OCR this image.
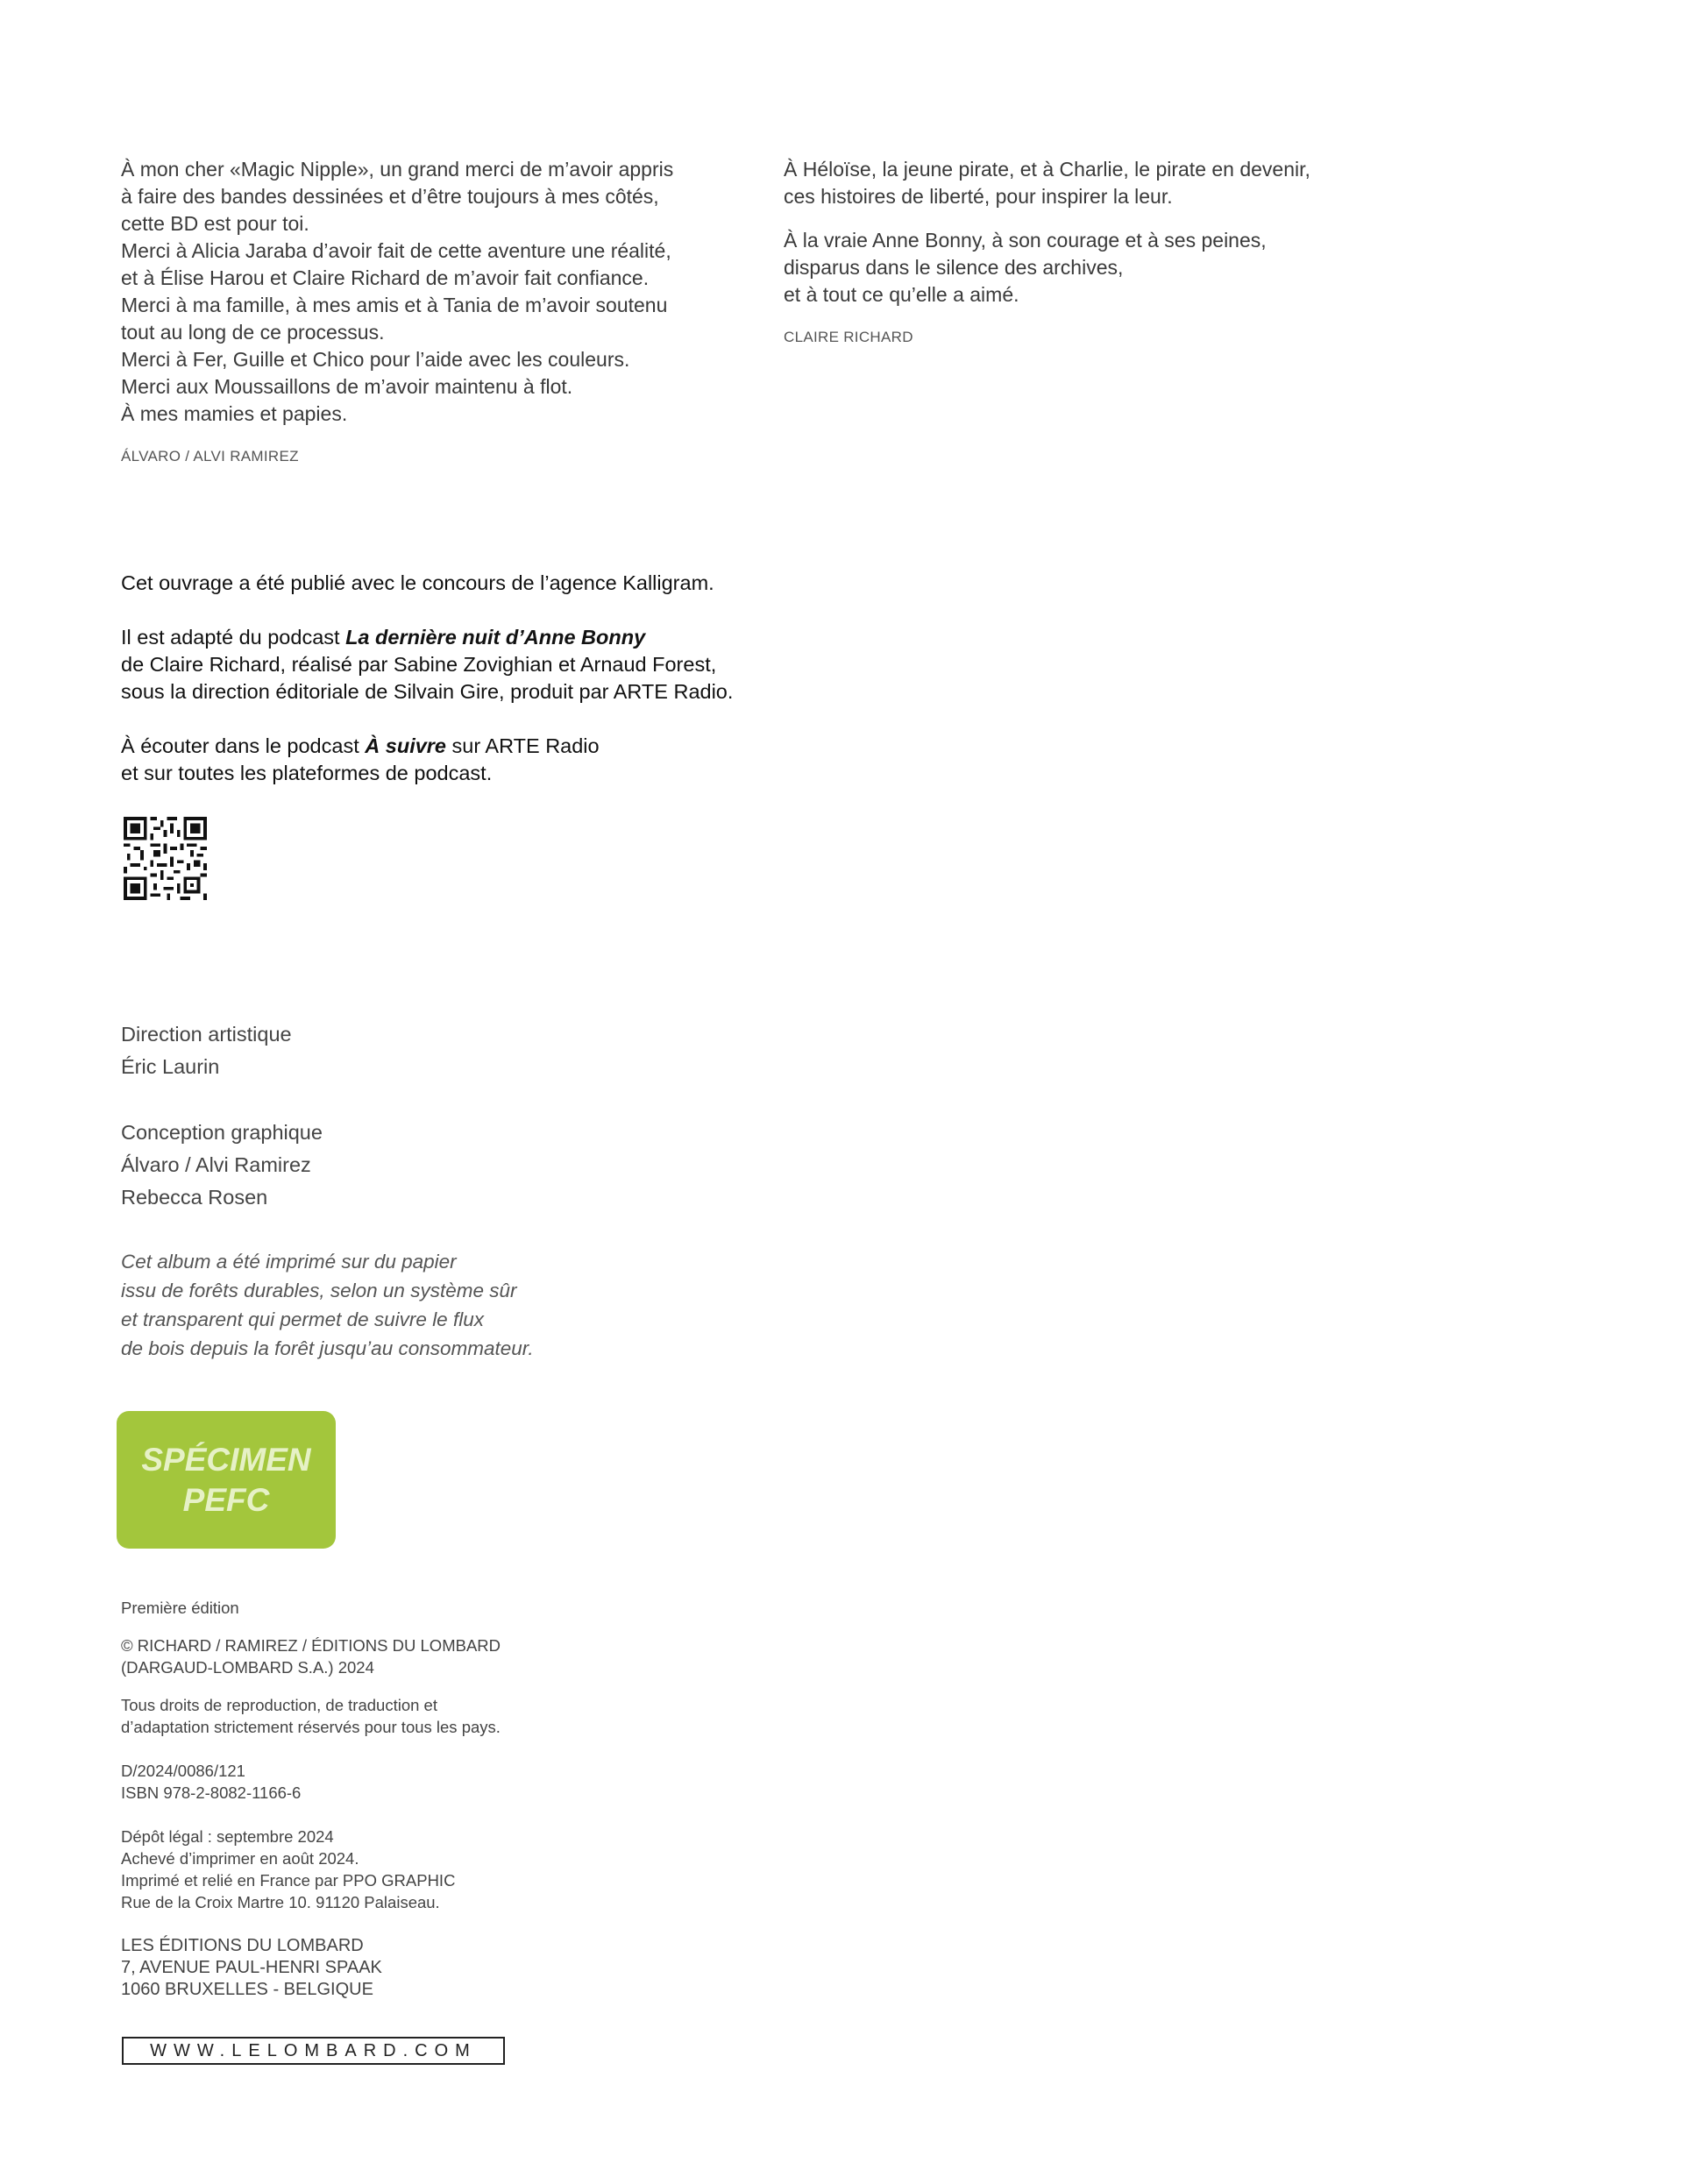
À mon cher «Magic Nipple», un grand merci de m’avoir appris

à faire des bandes dessinées et d’être toujours à mes côtés,

cette BD est pour toi.

Merci à Alicia Jaraba d’avoir fait de cette aventure une réalité,

et à Élise Harou et Claire Richard de m’avoir fait confiance.

Merci à ma famille, à mes amis et à Tania de m’avoir soutenu

tout au long de ce processus.

Merci à Fer, Guille et Chico pour l’aide avec les couleurs.

Merci aux Moussaillons de m’avoir maintenu à flot.

À mes mamies et papies.

ÁLVARO / ALVI RAMIREZ

À Héloïse, la jeune pirate, et à Charlie, le pirate en devenir,

ces histoires de liberté, pour inspirer la leur.

À la vraie Anne Bonny, à son courage et à ses peines,

disparus dans le silence des archives,

et à tout ce qu’elle a aimé.

CLAIRE RICHARD

Cet ouvrage a été publié avec le concours de l’agence Kalligram.

Il est adapté du podcast La dernière nuit d’Anne Bonny
de Claire Richard, réalisé par Sabine Zovighian et Arnaud Forest,
sous la direction éditoriale de Silvain Gire, produit par ARTE Radio.

À écouter dans le podcast À suivre sur ARTE Radio
et sur toutes les plateformes de podcast.

Direction artistique

Éric Laurin

Conception graphique

Álvaro / Alvi Ramirez

Rebecca Rosen

Cet album a été imprimé sur du papier

issu de forêts durables, selon un système sûr

et transparent qui permet de suivre le flux

de bois depuis la forêt jusqu’au consommateur.

SPÉCIMEN
PEFC

Première édition

© RICHARD / RAMIREZ / ÉDITIONS DU LOMBARD

(DARGAUD-LOMBARD S.A.) 2024

Tous droits de reproduction, de traduction et

d’adaptation strictement réservés pour tous les pays.

D/2024/0086/121

ISBN 978-2-8082-1166-6

Dépôt légal : septembre 2024

Achevé d’imprimer en août 2024.

Imprimé et relié en France par PPO GRAPHIC

Rue de la Croix Martre 10. 91120 Palaiseau.

LES ÉDITIONS DU LOMBARD

7, AVENUE PAUL-HENRI SPAAK

1060 BRUXELLES - BELGIQUE

WWW.LELOMBARD.COM
